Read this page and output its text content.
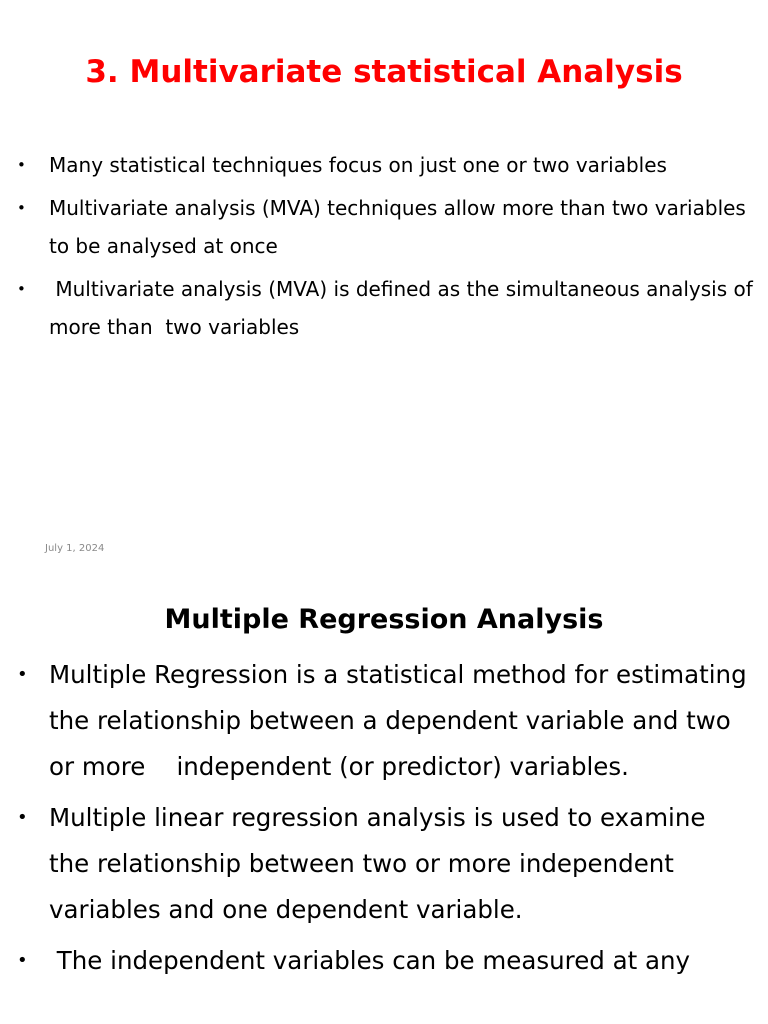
3. Multivariate statistical Analysis
• Many statistical techniques focus on just one or two variables
• Multivariate analysis (MVA) techniques allow more than two variables to be analysed at once
• Multivariate analysis (MVA) is defined as the simultaneous analysis of more than  two variables
July 1, 2024
Multiple Regression Analysis
• Multiple Regression is a statistical method for estimating the relationship between a dependent variable and two or more    independent (or predictor) variables.
• Multiple linear regression analysis is used to examine the relationship between two or more independent variables and one dependent variable.
• The independent variables can be measured at any
